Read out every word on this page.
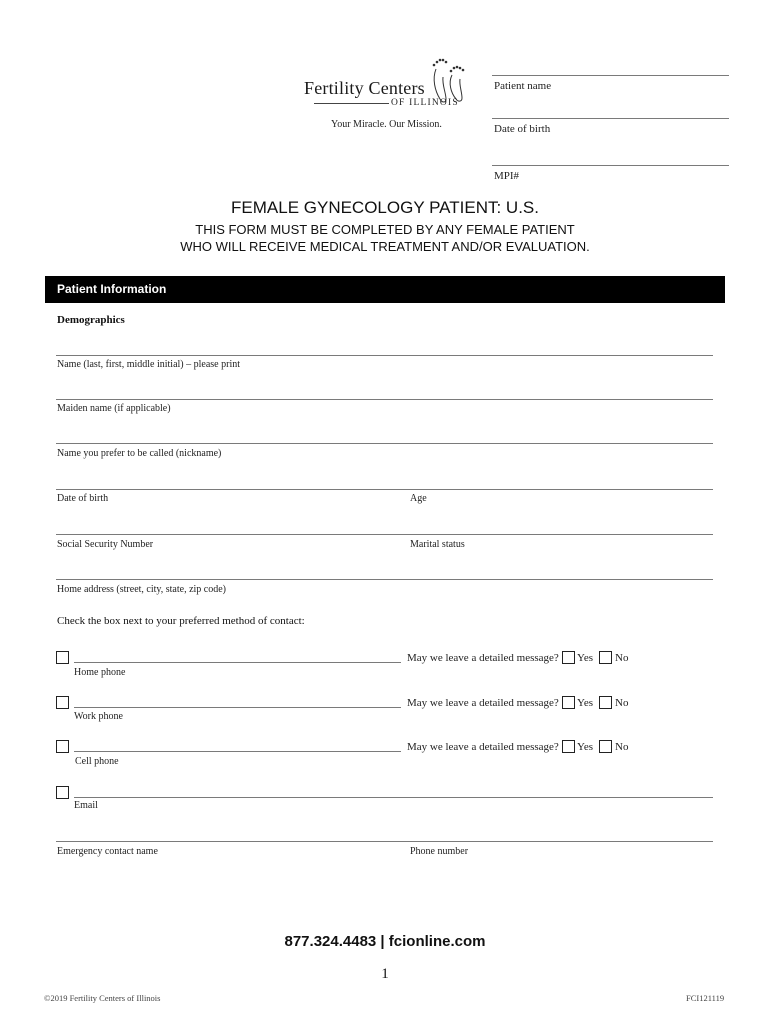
Fertility Centers
OF ILLINOIS
Your Miracle. Our Mission.
Patient name
Date of birth
MPI#
FEMALE GYNECOLOGY PATIENT: U.S.
THIS FORM MUST BE COMPLETED BY ANY FEMALE PATIENT
WHO WILL RECEIVE MEDICAL TREATMENT AND/OR EVALUATION.
Patient Information
Demographics
Name (last, first, middle initial) – please print
Maiden name (if applicable)
Name you prefer to be called (nickname)
Date of birth	Age
Social Security Number	Marital status
Home address (street, city, state, zip code)
Check the box next to your preferred method of contact:
Home phone
May we leave a detailed message? Yes No
Work phone
May we leave a detailed message? Yes No
Cell phone
May we leave a detailed message? Yes No
Email
Emergency contact name	Phone number
877.324.4483 | fcionline.com
1
©2019 Fertility Centers of Illinois	FCI121119
